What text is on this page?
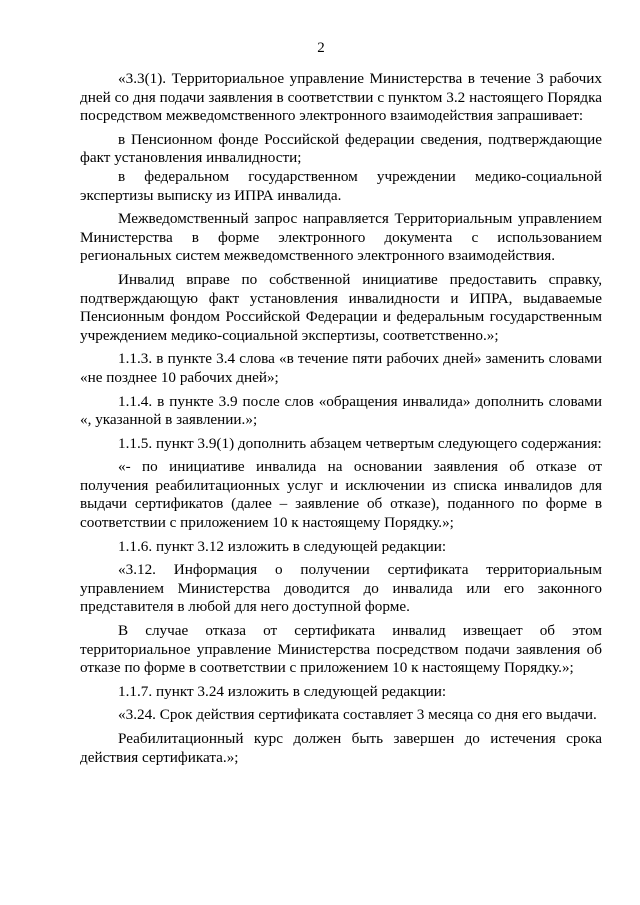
2

«3.3(1). Территориальное управление Министерства в течение 3 рабочих дней со дня подачи заявления в соответствии с пунктом 3.2 настоящего Порядка посредством межведомственного электронного взаимодействия запрашивает:

в Пенсионном фонде Российской федерации сведения, подтверждающие факт установления инвалидности;

в федеральном государственном учреждении медико-социальной экспертизы выписку из ИПРА инвалида.

Межведомственный запрос направляется Территориальным управлением Министерства в форме электронного документа с использованием региональных систем межведомственного электронного взаимодействия.

Инвалид вправе по собственной инициативе предоставить справку, подтверждающую факт установления инвалидности и ИПРА, выдаваемые Пенсионным фондом Российской Федерации и федеральным государственным учреждением медико-социальной экспертизы, соответственно.»;

1.1.3. в пункте 3.4 слова «в течение пяти рабочих дней» заменить словами «не позднее 10 рабочих дней»;

1.1.4. в пункте 3.9 после слов «обращения инвалида» дополнить словами «, указанной в заявлении.»;

1.1.5. пункт 3.9(1) дополнить абзацем четвертым следующего содержания:

«- по инициативе инвалида на основании заявления об отказе от получения реабилитационных услуг и исключении из списка инвалидов для выдачи сертификатов (далее – заявление об отказе), поданного по форме в соответствии с приложением 10 к настоящему Порядку.»;

1.1.6. пункт 3.12 изложить в следующей редакции:

«3.12. Информация о получении сертификата территориальным управлением Министерства доводится до инвалида или его законного представителя в любой для него доступной форме.

В случае отказа от сертификата инвалид извещает об этом территориальное управление Министерства посредством подачи заявления об отказе по форме в соответствии с приложением 10 к настоящему Порядку.»;

1.1.7. пункт 3.24 изложить в следующей редакции:

«3.24. Срок действия сертификата составляет 3 месяца со дня его выдачи.

Реабилитационный курс должен быть завершен до истечения срока действия сертификата.»;
